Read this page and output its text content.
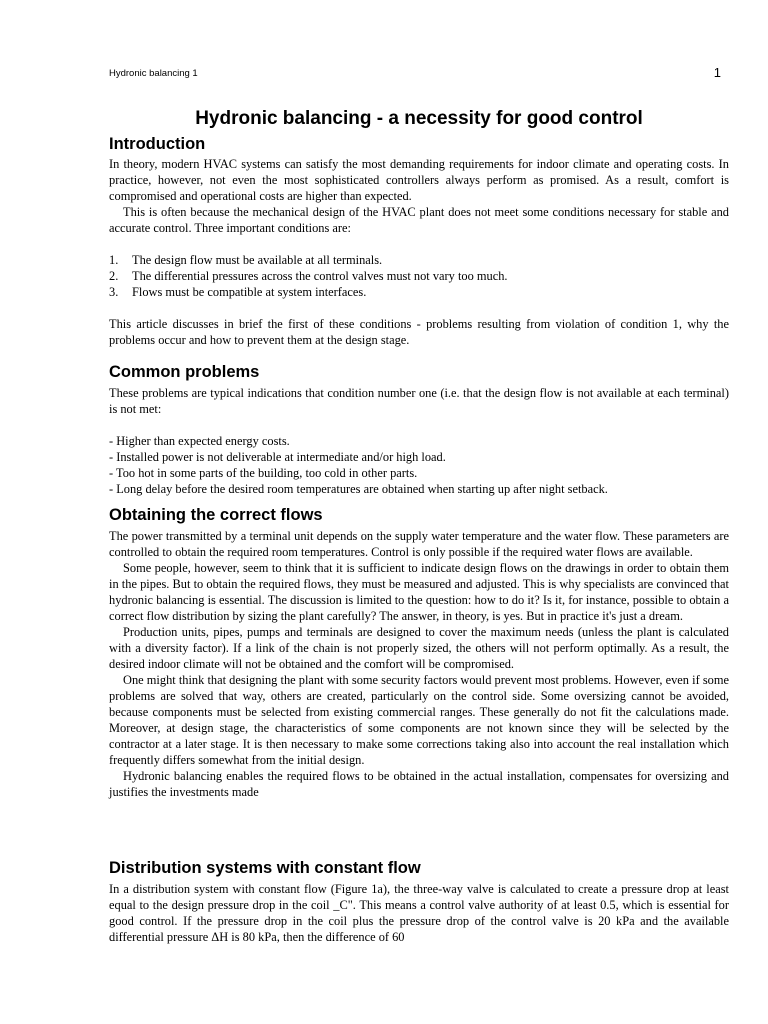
Hydronic balancing 1	1
Hydronic balancing - a necessity for good control
Introduction

In theory, modern HVAC systems can satisfy the most demanding requirements for indoor climate and operating costs. In practice, however, not even the most sophisticated controllers always perform as promised. As a result, comfort is compromised and operational costs are higher than expected.

This is often because the mechanical design of the HVAC plant does not meet some conditions necessary for stable and accurate control. Three important conditions are:

1. The design flow must be available at all terminals.
2. The differential pressures across the control valves must not vary too much.
3. Flows must be compatible at system interfaces.

This article discusses in brief the first of these conditions - problems resulting from violation of condition 1, why the problems occur and how to prevent them at the design stage.

Common problems

These problems are typical indications that condition number one (i.e. that the design flow is not available at each terminal) is not met:

- Higher than expected energy costs.
- Installed power is not deliverable at intermediate and/or high load.
- Too hot in some parts of the building, too cold in other parts.
- Long delay before the desired room temperatures are obtained when starting up after night setback.
Obtaining the correct flows

The power transmitted by a terminal unit depends on the supply water temperature and the water flow. These parameters are controlled to obtain the required room temperatures. Control is only possible if the required water flows are available.

Some people, however, seem to think that it is sufficient to indicate design flows on the drawings in order to obtain them in the pipes. But to obtain the required flows, they must be measured and adjusted. This is why specialists are convinced that hydronic balancing is essential. The discussion is limited to the question: how to do it? Is it, for instance, possible to obtain a correct flow distribution by sizing the plant carefully? The answer, in theory, is yes. But in practice it's just a dream.

Production units, pipes, pumps and terminals are designed to cover the maximum needs (unless the plant is calculated with a diversity factor). If a link of the chain is not properly sized, the others will not perform optimally. As a result, the desired indoor climate will not be obtained and the comfort will be compromised.

One might think that designing the plant with some security factors would prevent most problems. However, even if some problems are solved that way, others are created, particularly on the control side. Some oversizing cannot be avoided, because components must be selected from existing commercial ranges. These generally do not fit the calculations made. Moreover, at design stage, the characteristics of some components are not known since they will be selected by the contractor at a later stage. It is then necessary to make some corrections taking also into account the real installation which frequently differs somewhat from the initial design.

Hydronic balancing enables the required flows to be obtained in the actual installation, compensates for oversizing and justifies the investments made

Distribution systems with constant flow

In a distribution system with constant flow (Figure 1a), the three-way valve is calculated to create a pressure drop at least equal to the design pressure drop in the coil _C". This means a control valve authority of at least 0.5, which is essential for good control. If the pressure drop in the coil plus the pressure drop of the control valve is 20 kPa and the available differential pressure ΔH is 80 kPa, then the difference of 60
